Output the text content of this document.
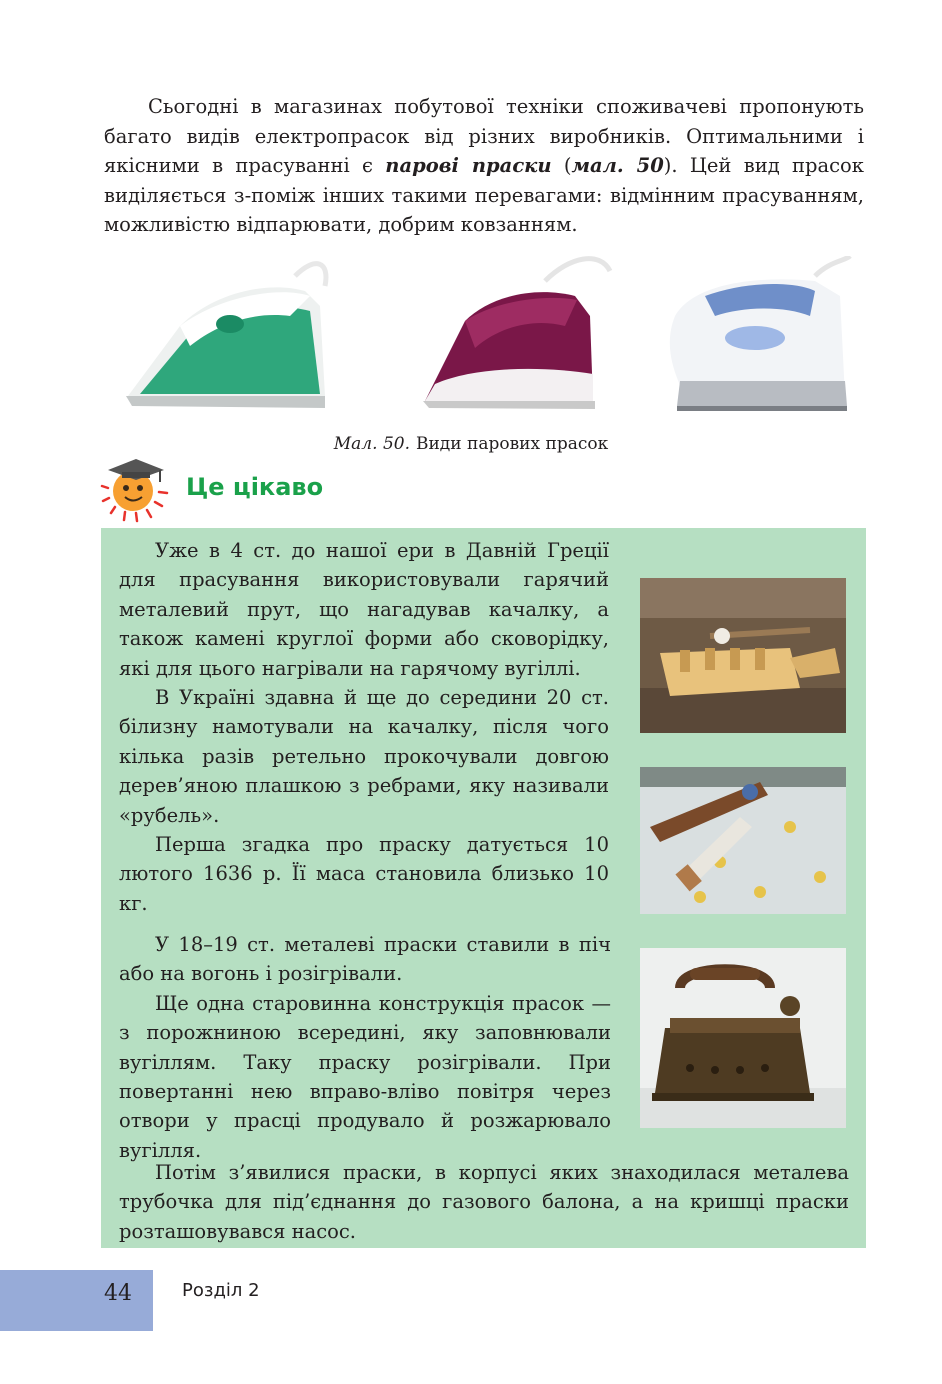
Сьогодні в магазинах побутової техніки споживачеві пропонують багато видів електропрасок від різних виробників. Оптимальними і якісними в прасуванні є парові праски (мал. 50). Цей вид прасок виділяється з-поміж інших такими перевагами: відмінним прасуванням, можливістю відпарювати, добрим ковзанням.

Мал. 50. Види парових прасок
Це цікаво

Уже в 4 ст. до нашої ери в Давній Греції для прасування використовували гарячий металевий прут, що нагадував качалку, а також камені круглої форми або сковорідку, які для цього нагрівали на гарячому вугіллі.

В Україні здавна й ще до середини 20 ст. білизну намотували на качалку, після чого кілька разів ретельно прокочували довгою дерев’яною плашкою з ребрами, яку називали «рубель».

Перша згадка про праску датується 10 лютого 1636 р. Її маса становила близько 10 кг.

У 18–19 ст. металеві праски ставили в піч або на вогонь і розігрівали.

Ще одна старовинна конструкція прасок — з порожниною всередині, яку заповнювали вугіллям. Таку праску розігрівали. При повертанні нею вправо-вліво повітря через отвори у прасці продувало й розжарювало вугілля.

Потім з’явилися праски, в корпусі яких знаходилася металева трубочка для під’єднання до газового балона, а на кришці праски розташовувався насос.

44	Розділ 2
